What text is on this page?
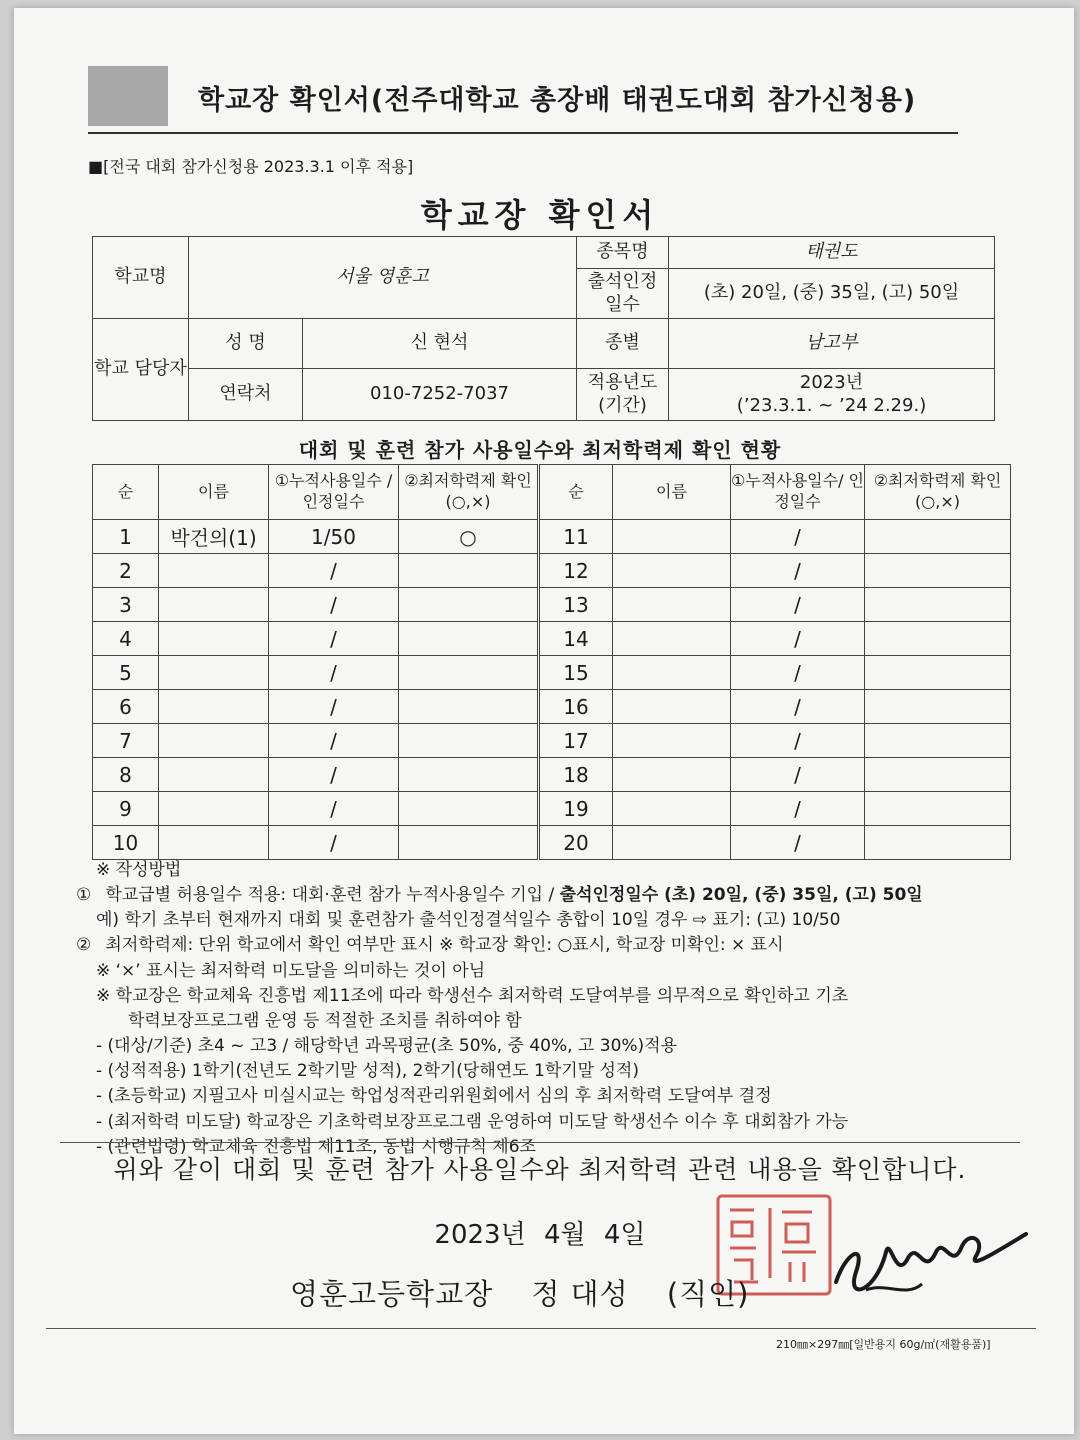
학교장 확인서(전주대학교 총장배 태권도대회 참가신청용)
■[전국 대회 참가신청용 2023.3.1 이후 적용]
학교장 확인서
학교명	서울 영훈고		종목명	태권도
			출석인정 일수	(초) 20일, (중) 35일, (고) 50일
학교 담당자	성 명	신 현석	종별	남고부
	연락처	010-7252-7037	적용년도 (기간)	2023년
(’23.3.1. ~ ’24 2.29.)
대회 및 훈련 참가 사용일수와 최저학력제 확인 현황
순	이름	①누적사용일수 /인정일수	②최저학력제 확인(○,×)	순	이름	①누적사용일수/ 인정일수	②최저학력제 확인(○,×)
1	박건의(1)	1/50	○	11		/	
2		/		12		/	
3		/		13		/	
4		/		14		/	
5		/		15		/	
6		/		16		/	
7		/		17		/	
8		/		18		/	
9		/		19		/	
10		/		20		/	
※ 작성방법
① 학교급별 허용일수 적용: 대회·훈련 참가 누적사용일수 기입 / 출석인정일수 (초) 20일, (중) 35일, (고) 50일
예) 학기 초부터 현재까지 대회 및 훈련참가 출석인정결석일수 총합이 10일 경우 ⇨ 표기: (고) 10/50
② 최저학력제: 단위 학교에서 확인 여부만 표시 ※ 학교장 확인: ○표시, 학교장 미확인: × 표시
※ ‘×’ 표시는 최저학력 미도달을 의미하는 것이 아님
※ 학교장은 학교체육 진흥법 제11조에 따라 학생선수 최저학력 도달여부를 의무적으로 확인하고 기초
학력보장프로그램 운영 등 적절한 조치를 취하여야 함
- (대상/기준) 초4 ~ 고3 / 해당학년 과목평균(초 50%, 중 40%, 고 30%)적용
- (성적적용) 1학기(전년도 2학기말 성적), 2학기(당해연도 1학기말 성적)
- (초등학교) 지필고사 미실시교는 학업성적관리위원회에서 심의 후 최저학력 도달여부 결정
- (최저학력 미도달) 학교장은 기초학력보장프로그램 운영하여 미도달 학생선수 이수 후 대회참가 가능
- (관련법령) 학교체육 진흥법 제11조, 동법 시행규칙 제6조
위와 같이 대회 및 훈련 참가 사용일수와 최저학력 관련 내용을 확인합니다.
2023년 4월 4일
영훈고등학교장 정 대성 (직인)
210㎜×297㎜[일반용지 60g/㎡(재활용품)]
